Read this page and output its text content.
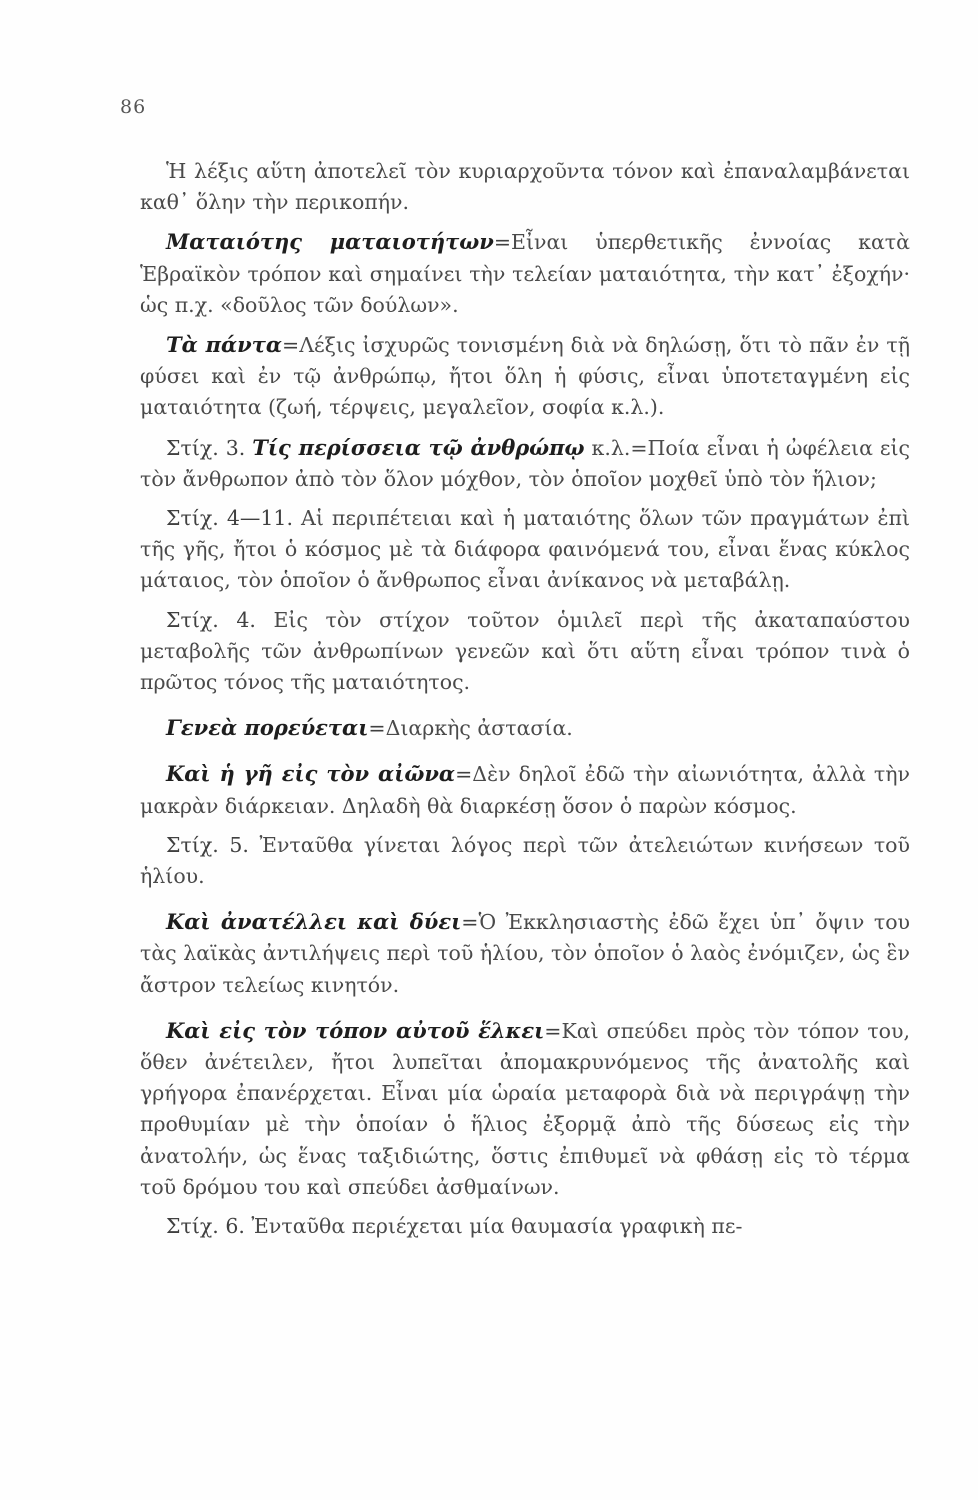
86

Ἡ λέξις αὕτη ἀποτελεῖ τὸν κυριαρχοῦντα τόνον καὶ ἐπαναλαμβάνεται καθ᾽ ὅλην τὴν περικοπήν.

Ματαιότης ματαιοτήτων=Εἶναι ὑπερθετικῆς ἐννοίας κατὰ Ἑβραϊκὸν τρόπον καὶ σημαίνει τὴν τελείαν ματαιότητα, τὴν κατ᾽ ἐξοχήν· ὡς π.χ. «δοῦλος τῶν δούλων».

Τὰ πάντα=Λέξις ἰσχυρῶς τονισμένη διὰ νὰ δηλώσῃ, ὅτι τὸ πᾶν ἐν τῇ φύσει καὶ ἐν τῷ ἀνθρώπῳ, ἤτοι ὅλη ἡ φύσις, εἶναι ὑποτεταγμένη εἰς ματαιότητα (ζωή, τέρψεις, μεγαλεῖον, σοφία κ.λ.).

Στίχ. 3. Τίς περίσσεια τῷ ἀνθρώπῳ κ.λ.=Ποία εἶναι ἡ ὠφέλεια εἰς τὸν ἄνθρωπον ἀπὸ τὸν ὅλον μόχθον, τὸν ὁποῖον μοχθεῖ ὑπὸ τὸν ἥλιον;

Στίχ. 4—11. Αἱ περιπέτειαι καὶ ἡ ματαιότης ὅλων τῶν πραγμάτων ἐπὶ τῆς γῆς, ἤτοι ὁ κόσμος μὲ τὰ διάφορα φαινόμενά του, εἶναι ἕνας κύκλος μάταιος, τὸν ὁποῖον ὁ ἄνθρωπος εἶναι ἀνίκανος νὰ μεταβάλῃ.

Στίχ. 4. Εἰς τὸν στίχον τοῦτον ὁμιλεῖ περὶ τῆς ἀκαταπαύστου μεταβολῆς τῶν ἀνθρωπίνων γενεῶν καὶ ὅτι αὕτη εἶναι τρόπον τινὰ ὁ πρῶτος τόνος τῆς ματαιότητος.

Γενεὰ πορεύεται=Διαρκὴς ἀστασία.

Καὶ ἡ γῆ εἰς τὸν αἰῶνα=Δὲν δηλοῖ ἐδῶ τὴν αἰωνιότητα, ἀλλὰ τὴν μακρὰν διάρκειαν. Δηλαδὴ θὰ διαρκέσῃ ὅσον ὁ παρὼν κόσμος.

Στίχ. 5. Ἐνταῦθα γίνεται λόγος περὶ τῶν ἀτελειώτων κινήσεων τοῦ ἡλίου.

Καὶ ἀνατέλλει καὶ δύει=Ὁ Ἐκκλησιαστὴς ἐδῶ ἔχει ὑπ᾽ ὄψιν του τὰς λαϊκὰς ἀντιλήψεις περὶ τοῦ ἡλίου, τὸν ὁποῖον ὁ λαὸς ἐνόμιζεν, ὡς ἓν ἄστρον τελείως κινητόν.

Καὶ εἰς τὸν τόπον αὐτοῦ ἕλκει=Καὶ σπεύδει πρὸς τὸν τόπον του, ὅθεν ἀνέτειλεν, ἤτοι λυπεῖται ἀπομακρυνόμενος τῆς ἀνατολῆς καὶ γρήγορα ἐπανέρχεται. Εἶναι μία ὡραία μεταφορὰ διὰ νὰ περιγράψῃ τὴν προθυμίαν μὲ τὴν ὁποίαν ὁ ἥλιος ἐξορμᾷ ἀπὸ τῆς δύσεως εἰς τὴν ἀνατολήν, ὡς ἕνας ταξιδιώτης, ὅστις ἐπιθυμεῖ νὰ φθάσῃ εἰς τὸ τέρμα τοῦ δρόμου του καὶ σπεύδει ἀσθμαίνων.

Στίχ. 6. Ἐνταῦθα περιέχεται μία θαυμασία γραφικὴ πε-
